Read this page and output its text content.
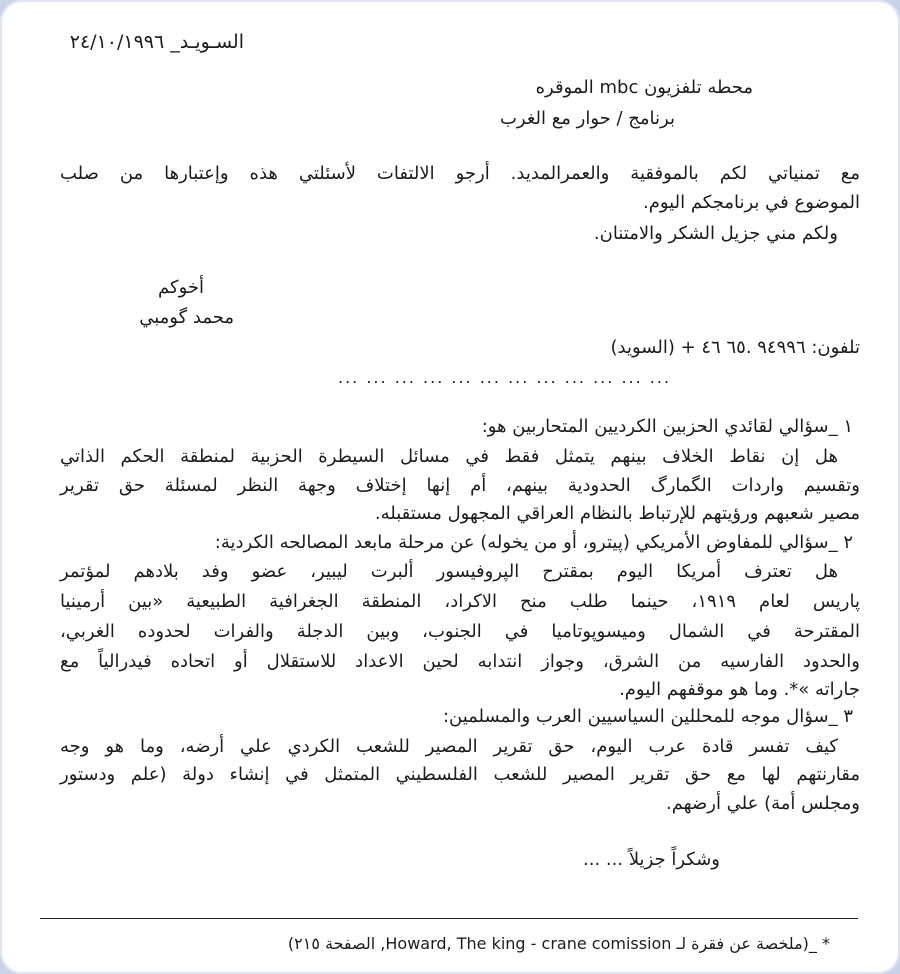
السـويـد_ ٢٤/١٠/١٩٩٦
محطه تلفزيون mbc الموقره
برنامج / حوار مع الغرب
مع تمنياتي لكم بالموفقية والعمرالمديد. أرجو الالتفات لأسئلتي هذه وإعتبارها من صلب
الموضوع في برنامجكم اليوم.
ولكم مني جزيل الشكر والامتنان.
أخوكم
محمد گومبي
تلفون: ٩٤٩٩٦ .٦٥ ٤٦ + (السويد)
... ... ... ... ... ... ... ... ... ... ... ...
١ _سؤالي لقائدي الحزبين الكرديين المتحاربين هو:
هل إن نقاط الخلاف بينهم يتمثل فقط في مسائل السيطرة الحزبية لمنطقة الحكم الذاتي
وتقسيم واردات الگمارگ الحدودية بينهم، أم إنها إختلاف وجهة النظر لمسئلة حق تقرير
مصير شعبهم ورؤيتهم للإرتباط بالنظام العراقي المجهول مستقبله.
٢ _سؤالي للمفاوض الأمريكي (پيترو، أو من يخوله) عن مرحلة مابعد المصالحه الكردية:
هل تعترف أمريكا اليوم بمقترح الپروفيسور ألبرت ليبير، عضو وفد بلادهم لمؤتمر
پاريس لعام ١٩١٩، حينما طلب منح الاكراد، المنطقة الجغرافية الطبيعية «بين أرمينيا
المقترحة في الشمال وميسوپوتاميا في الجنوب، وبين الدجلة والفرات لحدوده الغربي،
والحدود الفارسيه من الشرق، وجواز انتدابه لحين الاعداد للاستقلال أو اتحاده فيدرالياً مع
جاراته »*. وما هو موقفهم اليوم.
٣ _سؤال موجه للمحللين السياسيين العرب والمسلمين:
كيف تفسر قادة عرب اليوم، حق تقرير المصير للشعب الكردي علي أرضه، وما هو وجه
مقارنتهم لها مع حق تقرير المصير للشعب الفلسطيني المتمثل في إنشاء دولة (علم ودستور
ومجلس أمة) علي أرضهم.
وشكراً جزيلاً ... ...
* _(ملخصة عن فقرة لـ Howard, The king - crane comission, الصفحة ٢١٥)
